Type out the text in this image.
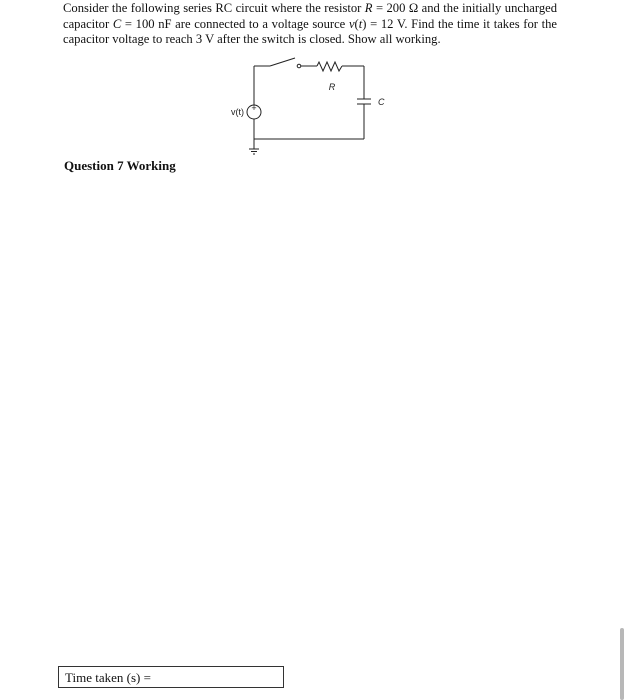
Consider the following series RC circuit where the resistor R = 200 Ω and the initially uncharged capacitor C = 100 nF are connected to a voltage source v(t) = 12 V. Find the time it takes for the capacitor voltage to reach 3 V after the switch is closed. Show all working.
+
v(t)
R
C
Question 7 Working
Time taken (s) =
